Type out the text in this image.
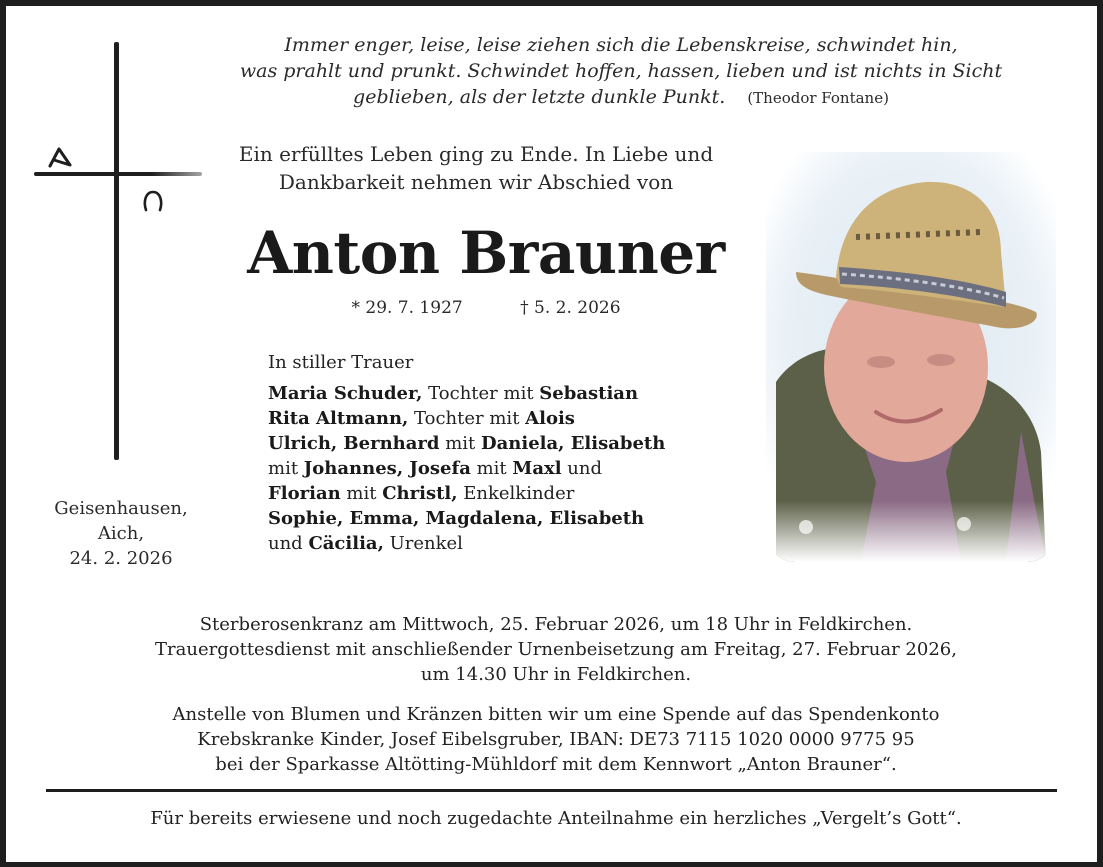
Immer enger, leise, leise ziehen sich die Lebenskreise, schwindet hin,
was prahlt und prunkt. Schwindet hoffen, hassen, lieben und ist nichts in Sicht
geblieben, als der letzte dunkle Punkt. (Theodor Fontane)
Ein erfülltes Leben ging zu Ende. In Liebe und
Dankbarkeit nehmen wir Abschied von
Anton Brauner
* 29. 7. 1927	† 5. 2. 2026
In stiller Trauer
Maria Schuder, Tochter mit Sebastian
Rita Altmann, Tochter mit Alois
Ulrich, Bernhard mit Daniela, Elisabeth
mit Johannes, Josefa mit Maxl und
Florian mit Christl, Enkelkinder
Sophie, Emma, Magdalena, Elisabeth
und Cäcilia, Urenkel
Geisenhausen,
Aich,
24. 2. 2026
Sterberosenkranz am Mittwoch, 25. Februar 2026, um 18 Uhr in Feldkirchen.
Trauergottesdienst mit anschließender Urnenbeisetzung am Freitag, 27. Februar 2026,
um 14.30 Uhr in Feldkirchen.
Anstelle von Blumen und Kränzen bitten wir um eine Spende auf das Spendenkonto
Krebskranke Kinder, Josef Eibelsgruber, IBAN: DE73 7115 1020 0000 9775 95
bei der Sparkasse Altötting-Mühldorf mit dem Kennwort „Anton Brauner“.
Für bereits erwiesene und noch zugedachte Anteilnahme ein herzliches „Vergelt’s Gott“.
